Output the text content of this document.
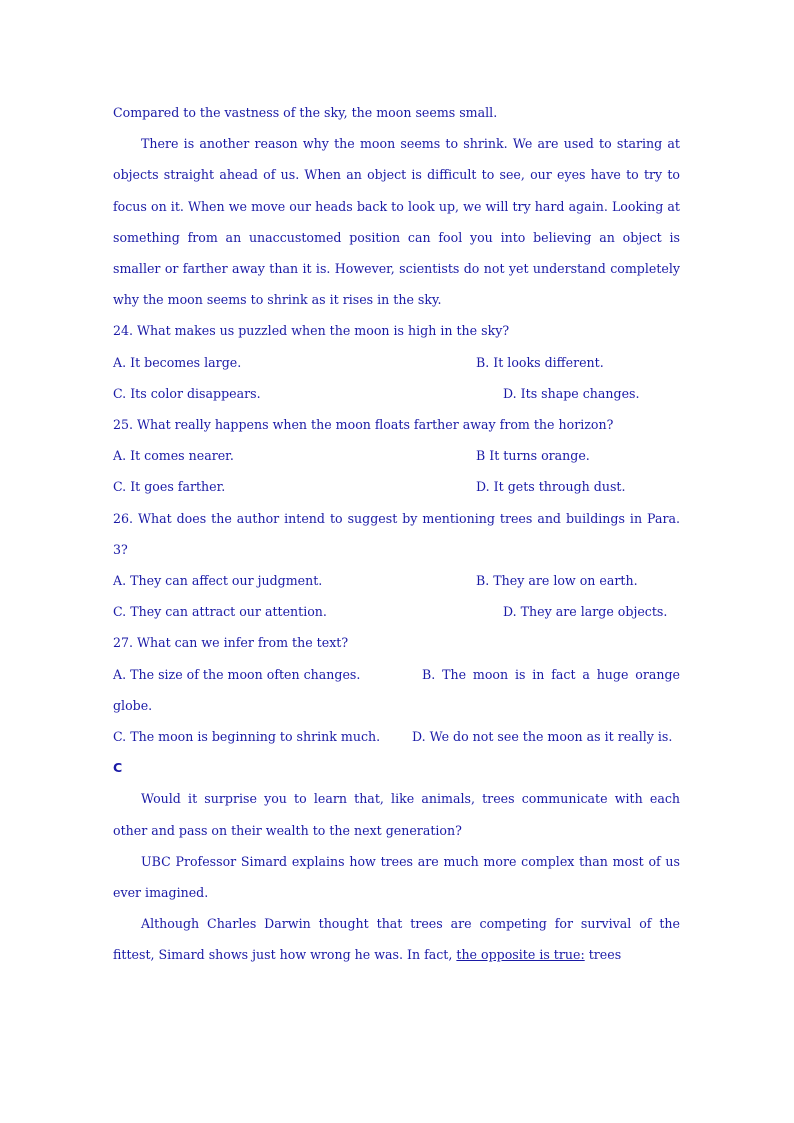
Compared to the vastness of the sky, the moon seems small.

There is another reason why the moon seems to shrink. We are used to staring at objects straight ahead of us. When an object is difficult to see, our eyes have to try to focus on it. When we move our heads back to look up, we will try hard again. Looking at something from an unaccustomed position can fool you into believing an object is smaller or farther away than it is. However, scientists do not yet understand completely why the moon seems to shrink as it rises in the sky.

24. What makes us puzzled when the moon is high in the sky?

A. It becomes large.	B. It looks different.
C. Its color disappears.	D. Its shape changes.

25. What really happens when the moon floats farther away from the horizon?

A. It comes nearer.	B It turns orange.
C. It goes farther.	D. It gets through dust.

26. What does the author intend to suggest by mentioning trees and buildings in Para. 3?

A. They can affect our judgment.	B. They are low on earth.

C. They can attract our attention.	D. They are large objects.

27. What can we infer from the text?

A. The size of the moon often changes.	B. The moon is in fact a huge orange globe.

C. The moon is beginning to shrink much.	D. We do not see the moon as it really is.

C

Would it surprise you to learn that, like animals, trees communicate with each other and pass on their wealth to the next generation?

UBC Professor Simard explains how trees are much more complex than most of us ever imagined.

Although Charles Darwin thought that trees are competing for survival of the fittest, Simard shows just how wrong he was. In fact, the opposite is true: trees
